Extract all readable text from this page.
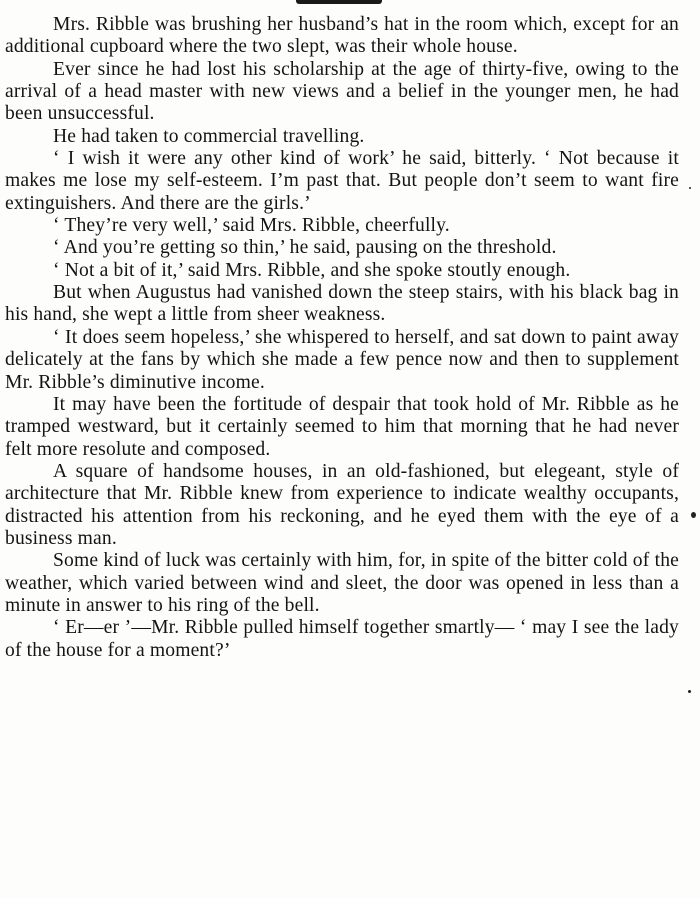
Mrs. Ribble was brushing her husband’s hat in the room which, except for an additional cupboard where the two slept, was their whole house.

Ever since he had lost his scholarship at the age of thirty-five, owing to the arrival of a head master with new views and a belief in the younger men, he had been unsuccessful.

He had taken to commercial travelling.

‘ I wish it were any other kind of work’ he said, bitterly. ‘ Not because it makes me lose my self-esteem. I’m past that. But people don’t seem to want fire extinguishers. And there are the girls.’

‘ They’re very well,’ said Mrs. Ribble, cheerfully.

‘ And you’re getting so thin,’ he said, pausing on the threshold.

‘ Not a bit of it,’ said Mrs. Ribble, and she spoke stoutly enough.

But when Augustus had vanished down the steep stairs, with his black bag in his hand, she wept a little from sheer weakness.

‘ It does seem hopeless,’ she whispered to herself, and sat down to paint away delicately at the fans by which she made a few pence now and then to supplement Mr. Ribble’s diminutive income.

It may have been the fortitude of despair that took hold of Mr. Ribble as he tramped westward, but it certainly seemed to him that morning that he had never felt more resolute and composed.

A square of handsome houses, in an old-fashioned, but elegeant, style of architecture that Mr. Ribble knew from experience to indicate wealthy occupants, distracted his attention from his reckoning, and he eyed them with the eye of a business man.

Some kind of luck was certainly with him, for, in spite of the bitter cold of the weather, which varied between wind and sleet, the door was opened in less than a minute in answer to his ring of the bell.

‘ Er—er ’—Mr. Ribble pulled himself together smartly— ‘ may I see the lady of the house for a moment?’
